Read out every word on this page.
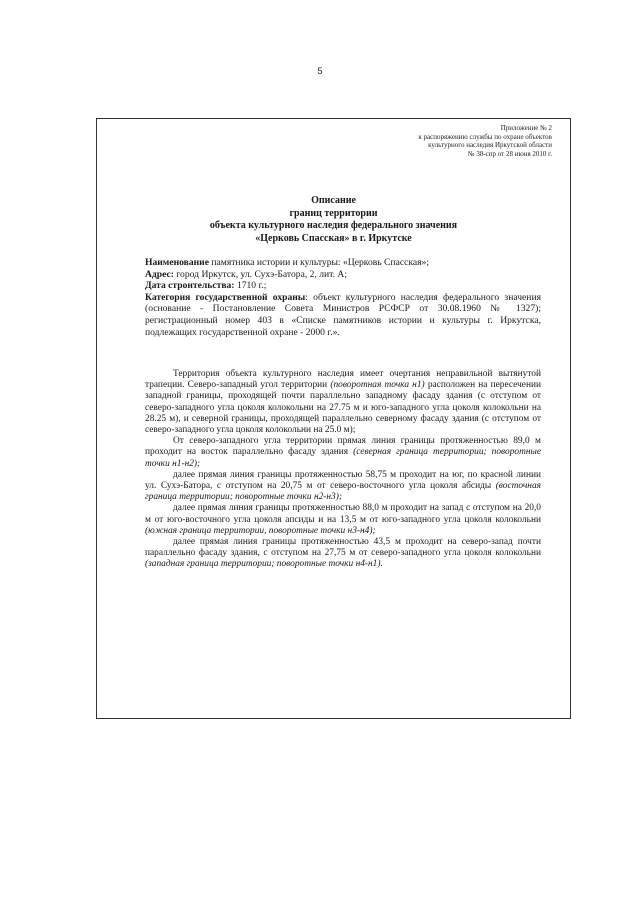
5
Приложение № 2
к распоряжению службы по охране объектов
культурного наследия Иркутской области
№ 38-спр от 28 июня 2010 г.
Описание
границ территории
объекта культурного наследия федерального значения
«Церковь Спасская» в г. Иркутске
Наименование памятника истории и культуры: «Церковь Спасская»;
Адрес: город Иркутск, ул. Сухэ-Батора, 2, лит. А;
Дата стронтельства: 1710 г.;
Категория государственной охраны: объект культурного наследия федерального значения (основание - Постановление Совета Министров РСФСР от 30.08.1960 № 1327); регистрационный номер 403 в «Списке памятников истории и культуры г. Иркутска, подлежащих государственной охране - 2000 г.».

Территория объекта культурного наследия имеет очертания неправильной вытянутой трапеции. Северо-западный угол территории (поворотная точка н1) расположен на пересечении западной границы, проходящей почти параллельно западному фасаду здания (с отступом от северо-западного угла цоколя колокольни на 27.75 м и юго-западного угла цоколя колокольни на 28.25 м), и северной границы, проходящей параллельно северному фасаду здания (с отступом от северо-западного угла цоколя колокольни на 25.0 м);

От северо-западного угла территории прямая линия границы протяженностью 89,0 м проходит на восток параллельно фасаду здания (северная граница территории; поворотные точки н1-н2);

далее прямая линия границы протяженностью 58,75 м проходит на юг, по красной линии ул. Сухэ-Батора, с отступом на 20,75 м от северо-восточного угла цоколя абсиды (восточная граница территории; поворотные точки н2-н3);

далее прямая линия границы протяженностью 88,0 м проходит на запад с отступом на 20,0 м от юго-восточного угла цоколя апсиды и на 13,5 м от юго-западного угла цоколя колокольни (южная граница территории, поворотные точки н3-н4);

далее прямая линия границы протяженностью 43,5 м проходит на северо-запад почти параллельно фасаду здания, с отступом на 27,75 м от северо-западного угла цоколя колокольни (западная граница территории; поворотные точки н4-н1).
